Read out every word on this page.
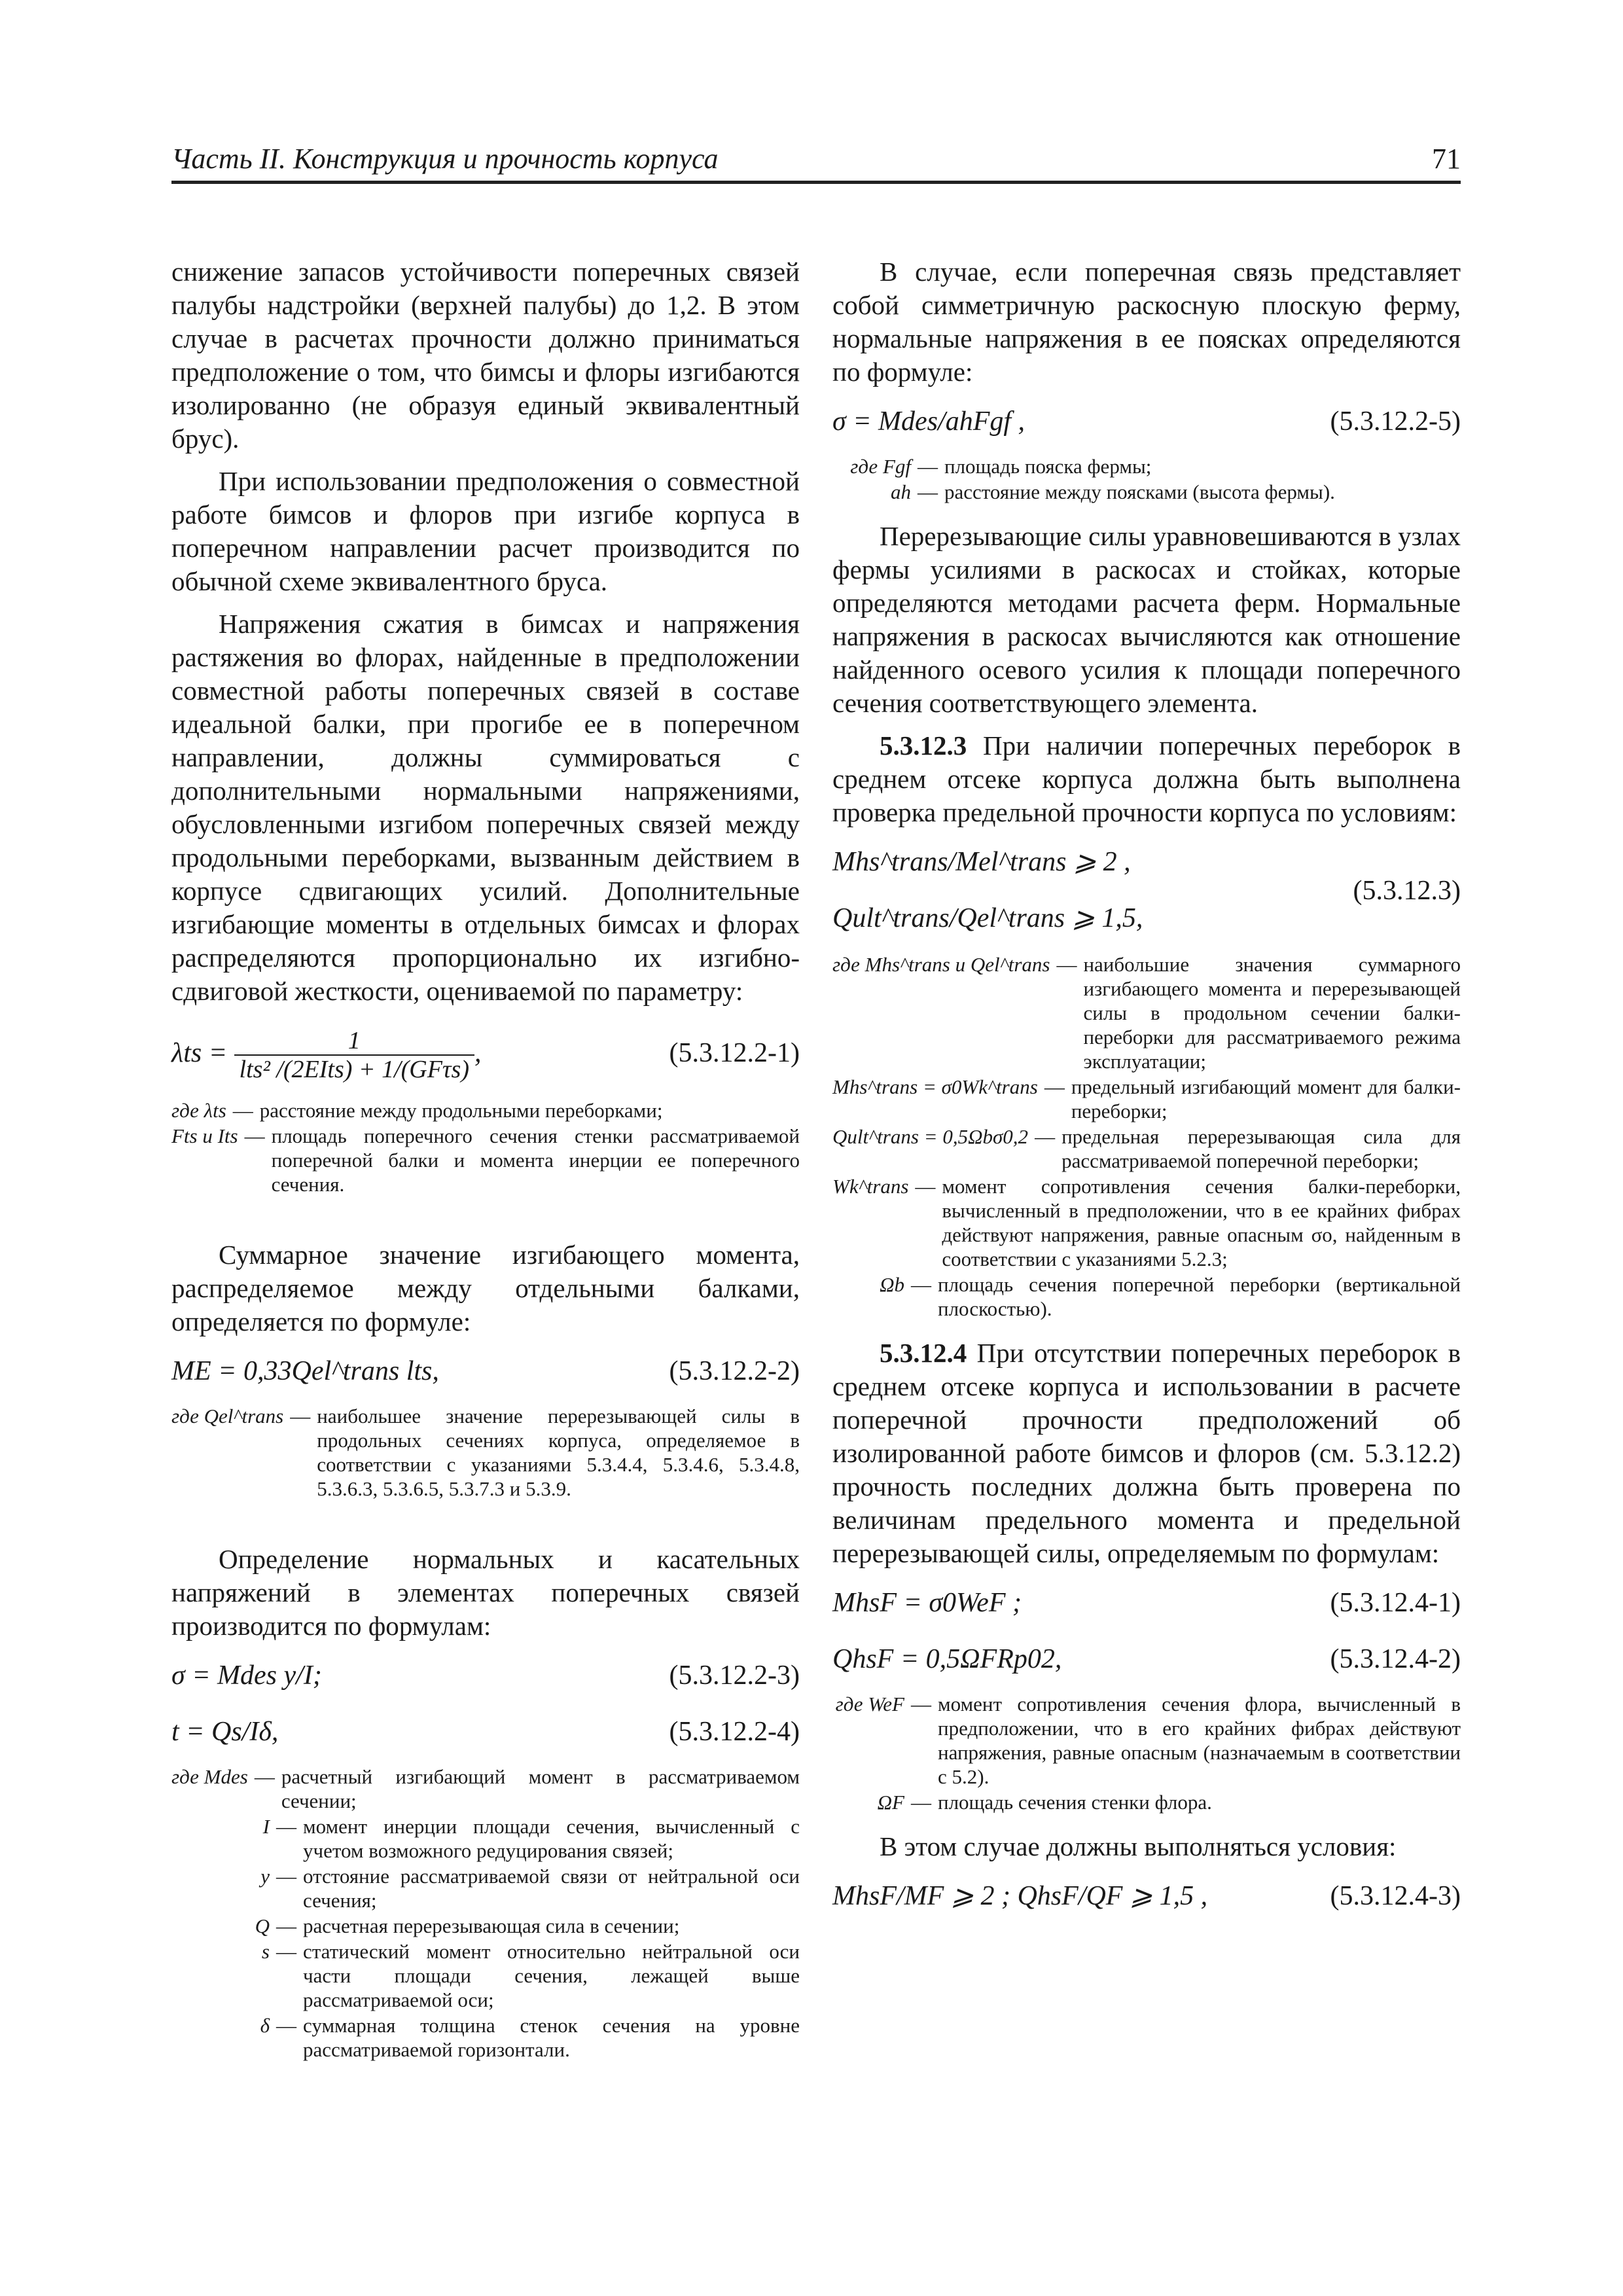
Часть II. Конструкция и прочность корпуса	71

снижение запасов устойчивости поперечных связей палубы надстройки (верхней палубы) до 1,2. В этом случае в расчетах прочности должно приниматься предположение о том, что бимсы и флоры изгибаются изолированно (не образуя единый эквивалентный брус).

При использовании предположения о совместной работе бимсов и флоров при изгибе корпуса в поперечном направлении расчет производится по обычной схеме эквивалентного бруса.

Напряжения сжатия в бимсах и напряжения растяжения во флорах, найденные в предположении совместной работы поперечных связей в составе идеальной балки, при прогибе ее в поперечном направлении, должны суммироваться с дополнительными нормальными напряжениями, обусловленными изгибом поперечных связей между продольными переборками, вызванным действием в корпусе сдвигающих усилий. Дополнительные изгибающие моменты в отдельных бимсах и флорах распределяются пропорционально их изгибно-сдвиговой жесткости, оцениваемой по параметру:

$\lambda ts = \frac{1}{\text{lts² /(2EIts) + 1/(GFτs)}}$ ,	(5.3.12.2-1)
где λts — расстояние между продольными переборками;
Fts и Its — площадь поперечного сечения стенки рассматриваемой поперечной балки и момента инерции ее поперечного сечения.

Суммарное значение изгибающего момента, распределяемое между отдельными балками, определяется по формуле:

ME = 0,33Qel^trans lts,	(5.3.12.2-2)
где Qel^trans — наибольшее значение перерезывающей силы в продольных сечениях корпуса, определяемое в соответствии с указаниями 5.3.4.4, 5.3.4.6, 5.3.4.8, 5.3.6.3, 5.3.6.5, 5.3.7.3 и 5.3.9.

Определение нормальных и касательных напряжений в элементах поперечных связей производится по формулам:

σ = Mdes y/I;	(5.3.12.2-3)
t = Qs/Iδ,	(5.3.12.2-4)
где Mdes — расчетный изгибающий момент в рассматриваемом сечении;
I — момент инерции площади сечения, вычисленный с учетом возможного редуцирования связей;
y — отстояние рассматриваемой связи от нейтральной оси сечения;
Q — расчетная перерезывающая сила в сечении;
s — статический момент относительно нейтральной оси части площади сечения, лежащей выше рассматриваемой оси;
δ — суммарная толщина стенок сечения на уровне рассматриваемой горизонтали.

В случае, если поперечная связь представляет собой симметричную раскосную плоскую ферму, нормальные напряжения в ее поясках определяются по формуле:

σ = Mdes/ahFgf ,	(5.3.12.2-5)
где Fgf — площадь пояска фермы;
ah — расстояние между поясками (высота фермы).

Перерезывающие силы уравновешиваются в узлах фермы усилиями в раскосах и стойках, которые определяются методами расчета ферм. Нормальные напряжения в раскосах вычисляются как отношение найденного осевого усилия к площади поперечного сечения соответствующего элемента.

5.3.12.3 При наличии поперечных переборок в среднем отсеке корпуса должна быть выполнена проверка предельной прочности корпуса по условиям:

Mhs^trans/Mel^trans ⩾ 2 ,
Qult^trans/Qel^trans ⩾ 1,5,
(5.3.12.3)
где Mhs^trans и Qel^trans — наибольшие значения суммарного изгибающего момента и перерезывающей силы в продольном сечении балки-переборки для рассматриваемого режима эксплуатации;
Mhs^trans = σ0Wk^trans — предельный изгибающий момент для балки-переборки;
Qult^trans = 0,5Ωbσ0,2 — предельная перерезывающая сила для рассматриваемой поперечной переборки;
Wk^trans — момент сопротивления сечения балки-переборки, вычисленный в предположении, что в ее крайних фибрах действуют напряжения, равные опасным σo, найденным в соответствии с указаниями 5.2.3;
Ωb — площадь сечения поперечной переборки (вертикальной плоскостью).

5.3.12.4 При отсутствии поперечных переборок в среднем отсеке корпуса и использовании в расчете поперечной прочности предположений об изолированной работе бимсов и флоров (см. 5.3.12.2) прочность последних должна быть проверена по величинам предельного момента и предельной перерезывающей силы, определяемым по формулам:

MhsF = σ0WeF ;	(5.3.12.4-1)
QhsF = 0,5ΩFRp02,	(5.3.12.4-2)
где WeF — момент сопротивления сечения флора, вычисленный в предположении, что в его крайних фибрах действуют напряжения, равные опасным (назначаемым в соответствии с 5.2).
ΩF — площадь сечения стенки флора.

В этом случае должны выполняться условия:

MhsF/MF ⩾ 2 ; QhsF/QF ⩾ 1,5 ,	(5.3.12.4-3)
